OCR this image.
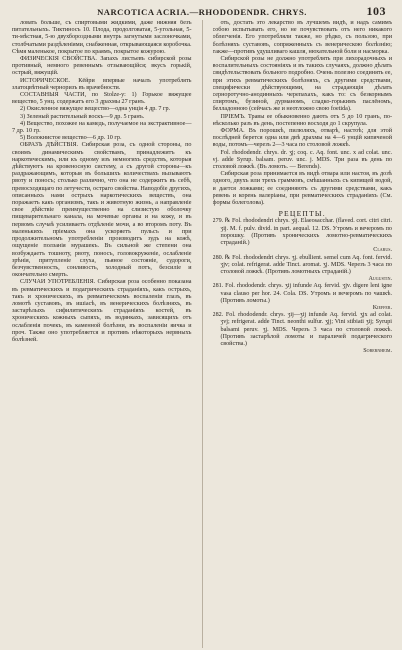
NARCOTICA ACRIA.—RHODODENDR. CHRYS.	103

ловать больше, съ спиртовыми жидкими, даже нижняя безъ питательныхъ. Тиктиносъ 10. Плода, продолговатая, 5-угольная, 5-ти-мѣстная, 5-ю двухбороздными внутрь загнутыми заслоночками, столбчатыми раздѣленіями, снабженная, открывающаяся коробочка. Сѣмя маленькое, покрытое по краямъ, покрытое кожурою.

ФИЗИЧЕСКІЯ СВОЙСТВА. Запахъ листьевъ сибирской розы противный, немного ревеннымъ отзывающійся; вкусъ горькій, острый, вяжущій.

ИСТОРИЧЕСКОЕ. Кёйри впервые началъ употреблять златоцвѣтный черноризъ въ врачебности.

СОСТАВНЫЯ ЧАСТИ, по Stolze-у: 1) Горькое вяжущее вещество, 5 унц. содержатъ его 3 драхмы 27 гранъ.

2) Окисленное вяжущее вещество—одна унція 4 др. 7 гр.

3) Зеленый растительный воскъ—9 др. 5 гранъ.

4) Вещество, похожее на камедь, получаемое на экстрактивное—7 др. 10 гр.

5) Волокнистое вещество—6 др. 10 гр.

ОБРАЗЪ ДѢЙСТВІЯ. Сибирская роза, съ одной стороны, по своимъ динамическимъ свойствамъ, принадлежитъ къ наркотическимъ, или къ одному изъ немногихъ средствъ, которыя дѣйствуютъ на кровеносную систему, а съ другой стороны—къ раздражающимъ, которыя въ большихъ количествахъ вызываютъ рвоту и поносъ; столько различно, что она не содержитъ въ себѣ, превосходящаго по летучести, остраго свойства. Наподобіе другихъ, описанныхъ нами острыхъ наркотическихъ веществъ, она поражаетъ какъ организмъ, такъ и животную жизнь, а направленіе свое дѣйствіе преимущественно на слизистую оболочку пищеварительнаго канала, на мочевые органы и на кожу, и въ первомъ случаѣ усиливаетъ отдѣленіе мочи, а во второмъ поту. Въ маленькихъ пріемахъ она ускоряетъ пульсъ и при продолжительномъ употребленіи производитъ зудъ на кожѣ, ощущеніе ползанія мурашекъ. Въ сильной же степени она возбуждаетъ тошноту, рвоту, поносъ, головокруженіе, ослабленіе зрѣнія, притупленіе слуха, пьяное состояніе, судороги, безчувственность, сонливость, холодный потъ, безсиліе и окончательно смерть.

СЛУЧАИ УПОТРЕБЛЕНІЯ. Сибирская роза особенно показана въ ревматическихъ и подагрическихъ страданіяхъ, какъ острыхъ, такъ и хроническихъ, въ ревматическомъ воспаленіи глазъ, въ ломотѣ суставовъ, въ ишіасѣ, въ венерическихъ болѣзняхъ, въ застарѣлыхъ сифилитическихъ страданіяхъ костей, въ хроническихъ кожныхъ сыпяхъ, въ водянкахъ, зависящихъ отъ ослабленія почекъ, въ каменной болѣзни, въ воспаленіи яичка и проч. Также оно употребляется и противъ нѣкоторыхъ нервныхъ болѣзней.

оть, достать это лекарство въ лучшемъ видѣ, и надъ самимъ собою испытывать его, но не почувствовать отъ него никакого облегченія. Его употребляли также, но рѣдко, съ пользою, при болѣзняхъ суставовъ, сопряженныхъ съ венерическою болѣзнію; также—противъ удушливаго кашля, нюхательной боли и насморка.

Сибирской розы не должно употреблять при лихорадочныхъ и воспалительныхъ состояніяхъ и въ такихъ случаяхъ, должно дѣлать свидѣтельствовать больного подробно. Очень полезно соединять ее, при этихъ ревматическихъ болѣзняхъ, съ другими средствами, специфически дѣйствующими, на страдающія дѣлать серноротучно-анодинныхъ черепахахъ, какъ то: съ безкорнымъ спиртомъ, бузиной, дурманомъ, сладко-горькимъ паслёномъ, белладонною (сейчасъ же и неотложно свою foetida).

ПРІЕМЪ. Травы ее обыкновенно дають отъ 5 до 10 гранъ, по-нѣсколько разъ въ день, постепенно восходя до 1 скрупула.

ФОРМА. Въ порошкѣ, пилюляхъ, отварѣ, настоѣ; для этой послѣдней берется одна или двѣ драхмы на 4—6 унцій кипяченой воды, потомъ—черезъ 2—3 часа по столовой ложкѣ.

Fol. rhododendr. chrys. dr. ʒj; coq. c. Aq. font. unc. x ad colat. unc. vj. adde Syrup. balsam. peruv. unc. j. MDS. Три раза въ день по столовой ложкѣ. (Въ ломоть. — Berends).

Сибирская роза принимается въ видѣ отвара или настоя, въ дозѣ одного, двухъ или трехъ граммовъ, смѣшанныхъ съ кипящей водой, и дается ложками; ее соединяютъ съ другими средствами, какъ ревень и корень валеріаны, при ревматическихъ страданіяхъ (См. формы болеголова).

РЕЦЕПТЫ.

279. ℞ Fol. rhododendri chrys. ʒij. Elaeosacchar. (flaved. cort. citri citri. ʒij. M. f. pulv. divid. in part. aequal. 12. DS. Утромъ и вечеромъ по порошку. (Противъ хроническихъ ломотно-ревматическихъ страданій.)

Clarus.

280. ℞ Fol. rhododendri chrys. ʒj. ebullient. semel cum Aq. font. fervid. ʒjv; colat. refrigerat. adde Tinct. aromat. ʒj. MDS. Черезъ 3 часа по столовой ложкѣ. (Противъ ломотныхъ страданій.)

Augustin.

281. Fol. rhododendr. chrys. ʒij infunde Aq. fervid. ʒjv. digere leni igne vasa clauso per hor. 24. Cola. DS. Утромъ и вечеромъ по чашкѣ. (Противъ ломоты.)

Kieffer.

282. Fol. rhododendr. chrys. ʒij—ʒij infunde Aq. fervid. ʒjx ad colat. ʒvj; refrigerat. adde Tinct. neonthi sulfur. ʒjj; Vini stibiati ʒij; Syrupi balsami peruv. ʒj. MDS. Черезъ 3 часа по столовой ложкѣ. (Противъ застарѣлой ломоты и параличей подагрического свойства.)

Sobernheim.
